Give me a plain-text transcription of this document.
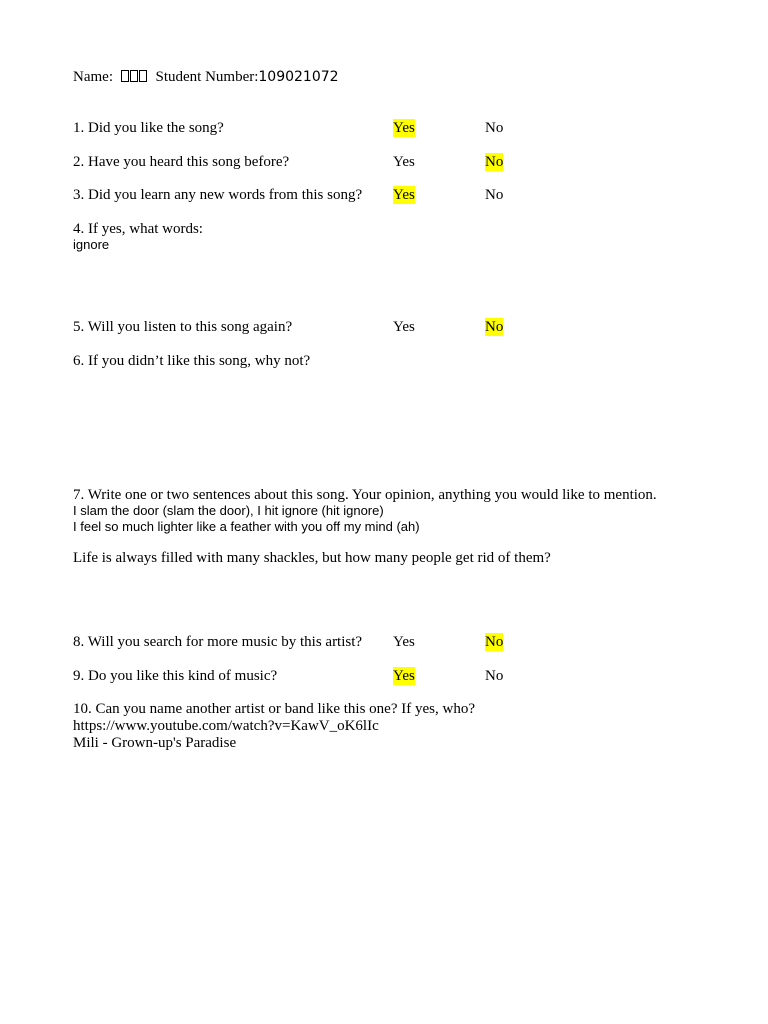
Name:	Student Number:109021072
1. Did you like the song?	Yes	No
2. Have you heard this song before?	Yes	No
3. Did you learn any new words from this song? Yes	No
4. If yes, what words:
ignore
5. Will you listen to this song again?	Yes	No
6. If you didn’t like this song, why not?
7. Write one or two sentences about this song. Your opinion, anything you would like to mention.
I slam the door (slam the door), I hit ignore (hit ignore)
I feel so much lighter like a feather with you off my mind (ah)
Life is always filled with many shackles, but how many people get rid of them?
8. Will you search for more music by this artist? Yes	No
9. Do you like this kind of music?	Yes	No
10. Can you name another artist or band like this one? If yes, who?
https://www.youtube.com/watch?v=KawV_oK6lIc
Mili - Grown-up's Paradise
